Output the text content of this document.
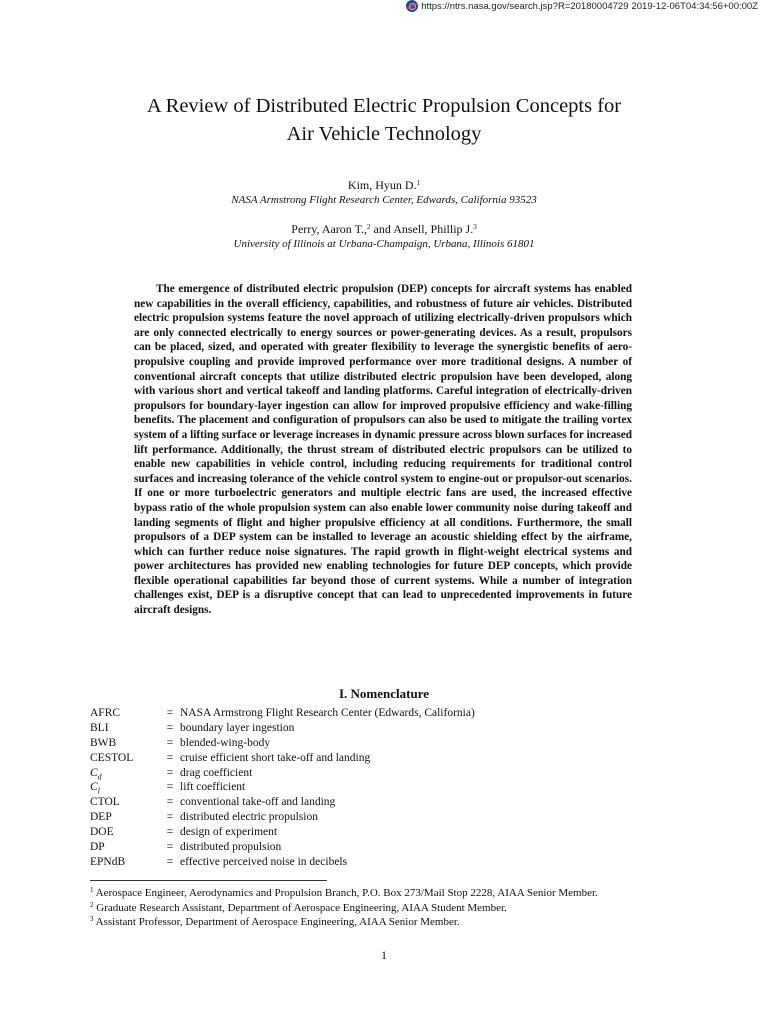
https://ntrs.nasa.gov/search.jsp?R=20180004729 2019-12-06T04:34:56+00:00Z
A Review of Distributed Electric Propulsion Concepts for
Air Vehicle Technology
Kim, Hyun D.$^1$
NASA Armstrong Flight Research Center, Edwards, California 93523
Perry, Aaron T.,$^2$ and Ansell, Phillip J.$^3$
University of Illinois at Urbana-Champaign, Urbana, Illinois 61801

The emergence of distributed electric propulsion (DEP) concepts for aircraft systems has enabled new capabilities in the overall efficiency, capabilities, and robustness of future air vehicles. Distributed electric propulsion systems feature the novel approach of utilizing electrically-driven propulsors which are only connected electrically to energy sources or power-generating devices. As a result, propulsors can be placed, sized, and operated with greater flexibility to leverage the synergistic benefits of aero-propulsive coupling and provide improved performance over more traditional designs. A number of conventional aircraft concepts that utilize distributed electric propulsion have been developed, along with various short and vertical takeoff and landing platforms. Careful integration of electrically-driven propulsors for boundary-layer ingestion can allow for improved propulsive efficiency and wake-filling benefits. The placement and configuration of propulsors can also be used to mitigate the trailing vortex system of a lifting surface or leverage increases in dynamic pressure across blown surfaces for increased lift performance. Additionally, the thrust stream of distributed electric propulsors can be utilized to enable new capabilities in vehicle control, including reducing requirements for traditional control surfaces and increasing tolerance of the vehicle control system to engine-out or propulsor-out scenarios. If one or more turboelectric generators and multiple electric fans are used, the increased effective bypass ratio of the whole propulsion system can also enable lower community noise during takeoff and landing segments of flight and higher propulsive efficiency at all conditions. Furthermore, the small propulsors of a DEP system can be installed to leverage an acoustic shielding effect by the airframe, which can further reduce noise signatures. The rapid growth in flight-weight electrical systems and power architectures has provided new enabling technologies for future DEP concepts, which provide flexible operational capabilities far beyond those of current systems. While a number of integration challenges exist, DEP is a disruptive concept that can lead to unprecedented improvements in future aircraft designs.

I. Nomenclature
AFRC	= NASA Armstrong Flight Research Center (Edwards, California)
BLI	= boundary layer ingestion
BWB	= blended-wing-body
CESTOL	= cruise efficient short take-off and landing
$C_d$	= drag coefficient
$C_l$	= lift coefficient
CTOL	= conventional take-off and landing
DEP	= distributed electric propulsion
DOE	= design of experiment
DP	= distributed propulsion
EPNdB	= effective perceived noise in decibels
$^1$ Aerospace Engineer, Aerodynamics and Propulsion Branch, P.O. Box 273/Mail Stop 2228, AIAA Senior Member.
$^2$ Graduate Research Assistant, Department of Aerospace Engineering, AIAA Student Member.
$^3$ Assistant Professor, Department of Aerospace Engineering, AIAA Senior Member.
1
